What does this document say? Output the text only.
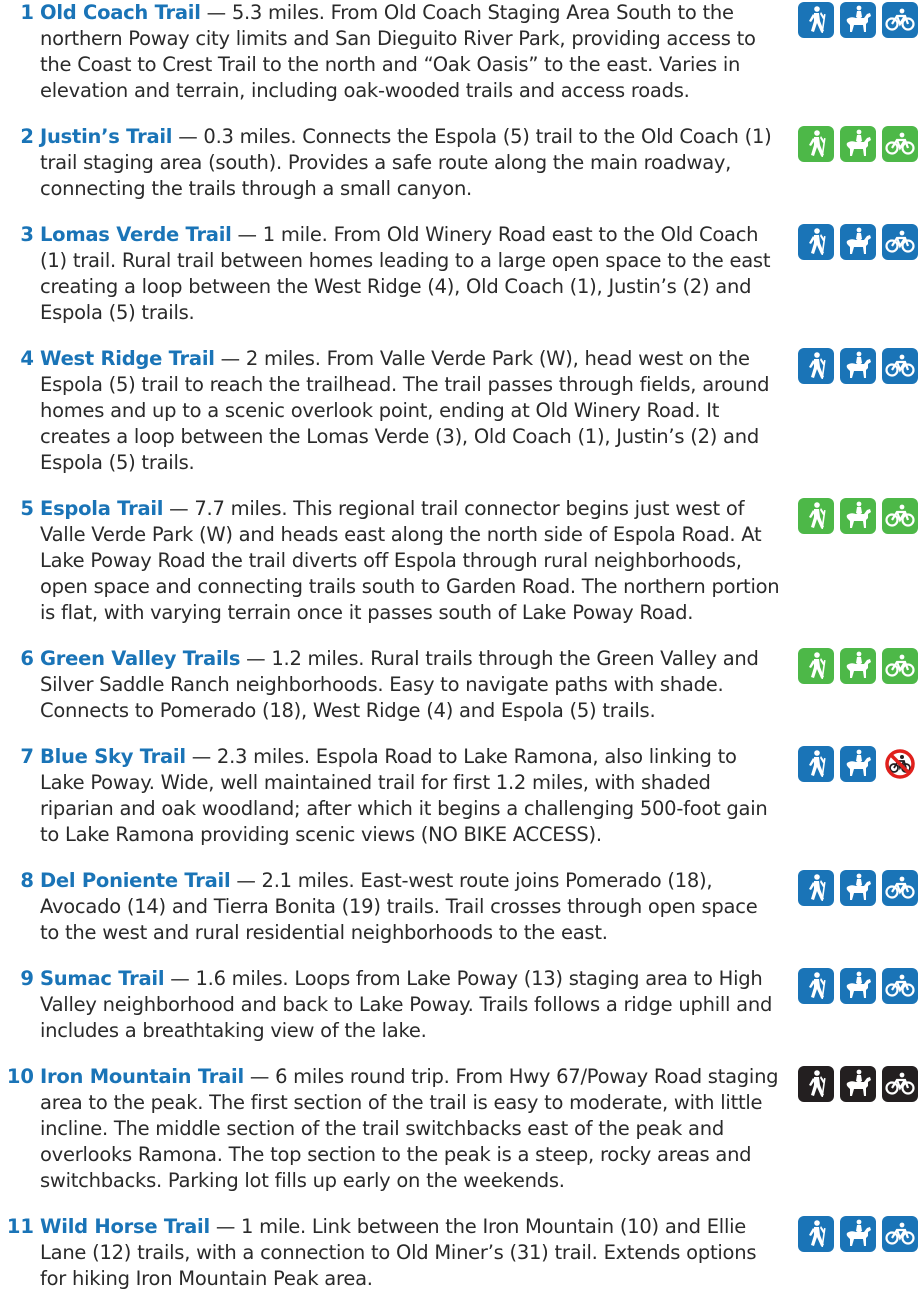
1 Old Coach Trail — 5.3 miles. From Old Coach Staging Area South to the northern Poway city limits and San Dieguito River Park, providing access to the Coast to Crest Trail to the north and “Oak Oasis” to the east. Varies in elevation and terrain, including oak-wooded trails and access roads.
2 Justin’s Trail — 0.3 miles. Connects the Espola (5) trail to the Old Coach (1) trail staging area (south). Provides a safe route along the main roadway, connecting the trails through a small canyon.
3 Lomas Verde Trail — 1 mile. From Old Winery Road east to the Old Coach (1) trail. Rural trail between homes leading to a large open space to the east creating a loop between the West Ridge (4), Old Coach (1), Justin’s (2) and Espola (5) trails.
4 West Ridge Trail — 2 miles. From Valle Verde Park (W), head west on the Espola (5) trail to reach the trailhead. The trail passes through fields, around homes and up to a scenic overlook point, ending at Old Winery Road. It creates a loop between the Lomas Verde (3), Old Coach (1), Justin’s (2) and Espola (5) trails.
5 Espola Trail — 7.7 miles. This regional trail connector begins just west of Valle Verde Park (W) and heads east along the north side of Espola Road. At Lake Poway Road the trail diverts off Espola through rural neighborhoods, open space and connecting trails south to Garden Road. The northern portion is flat, with varying terrain once it passes south of Lake Poway Road.
6 Green Valley Trails — 1.2 miles. Rural trails through the Green Valley and Silver Saddle Ranch neighborhoods. Easy to navigate paths with shade. Connects to Pomerado (18), West Ridge (4) and Espola (5) trails.
7 Blue Sky Trail — 2.3 miles. Espola Road to Lake Ramona, also linking to Lake Poway. Wide, well maintained trail for first 1.2 miles, with shaded riparian and oak woodland; after which it begins a challenging 500-foot gain to Lake Ramona providing scenic views (NO BIKE ACCESS).
8 Del Poniente Trail — 2.1 miles. East-west route joins Pomerado (18), Avocado (14) and Tierra Bonita (19) trails. Trail crosses through open space to the west and rural residential neighborhoods to the east.
9 Sumac Trail — 1.6 miles. Loops from Lake Poway (13) staging area to High Valley neighborhood and back to Lake Poway. Trails follows a ridge uphill and includes a breathtaking view of the lake.
10 Iron Mountain Trail — 6 miles round trip. From Hwy 67/Poway Road staging area to the peak. The first section of the trail is easy to moderate, with little incline. The middle section of the trail switchbacks east of the peak and overlooks Ramona. The top section to the peak is a steep, rocky areas and switchbacks. Parking lot fills up early on the weekends.
11 Wild Horse Trail — 1 mile. Link between the Iron Mountain (10) and Ellie Lane (12) trails, with a connection to Old Miner’s (31) trail. Extends options for hiking Iron Mountain Peak area.
